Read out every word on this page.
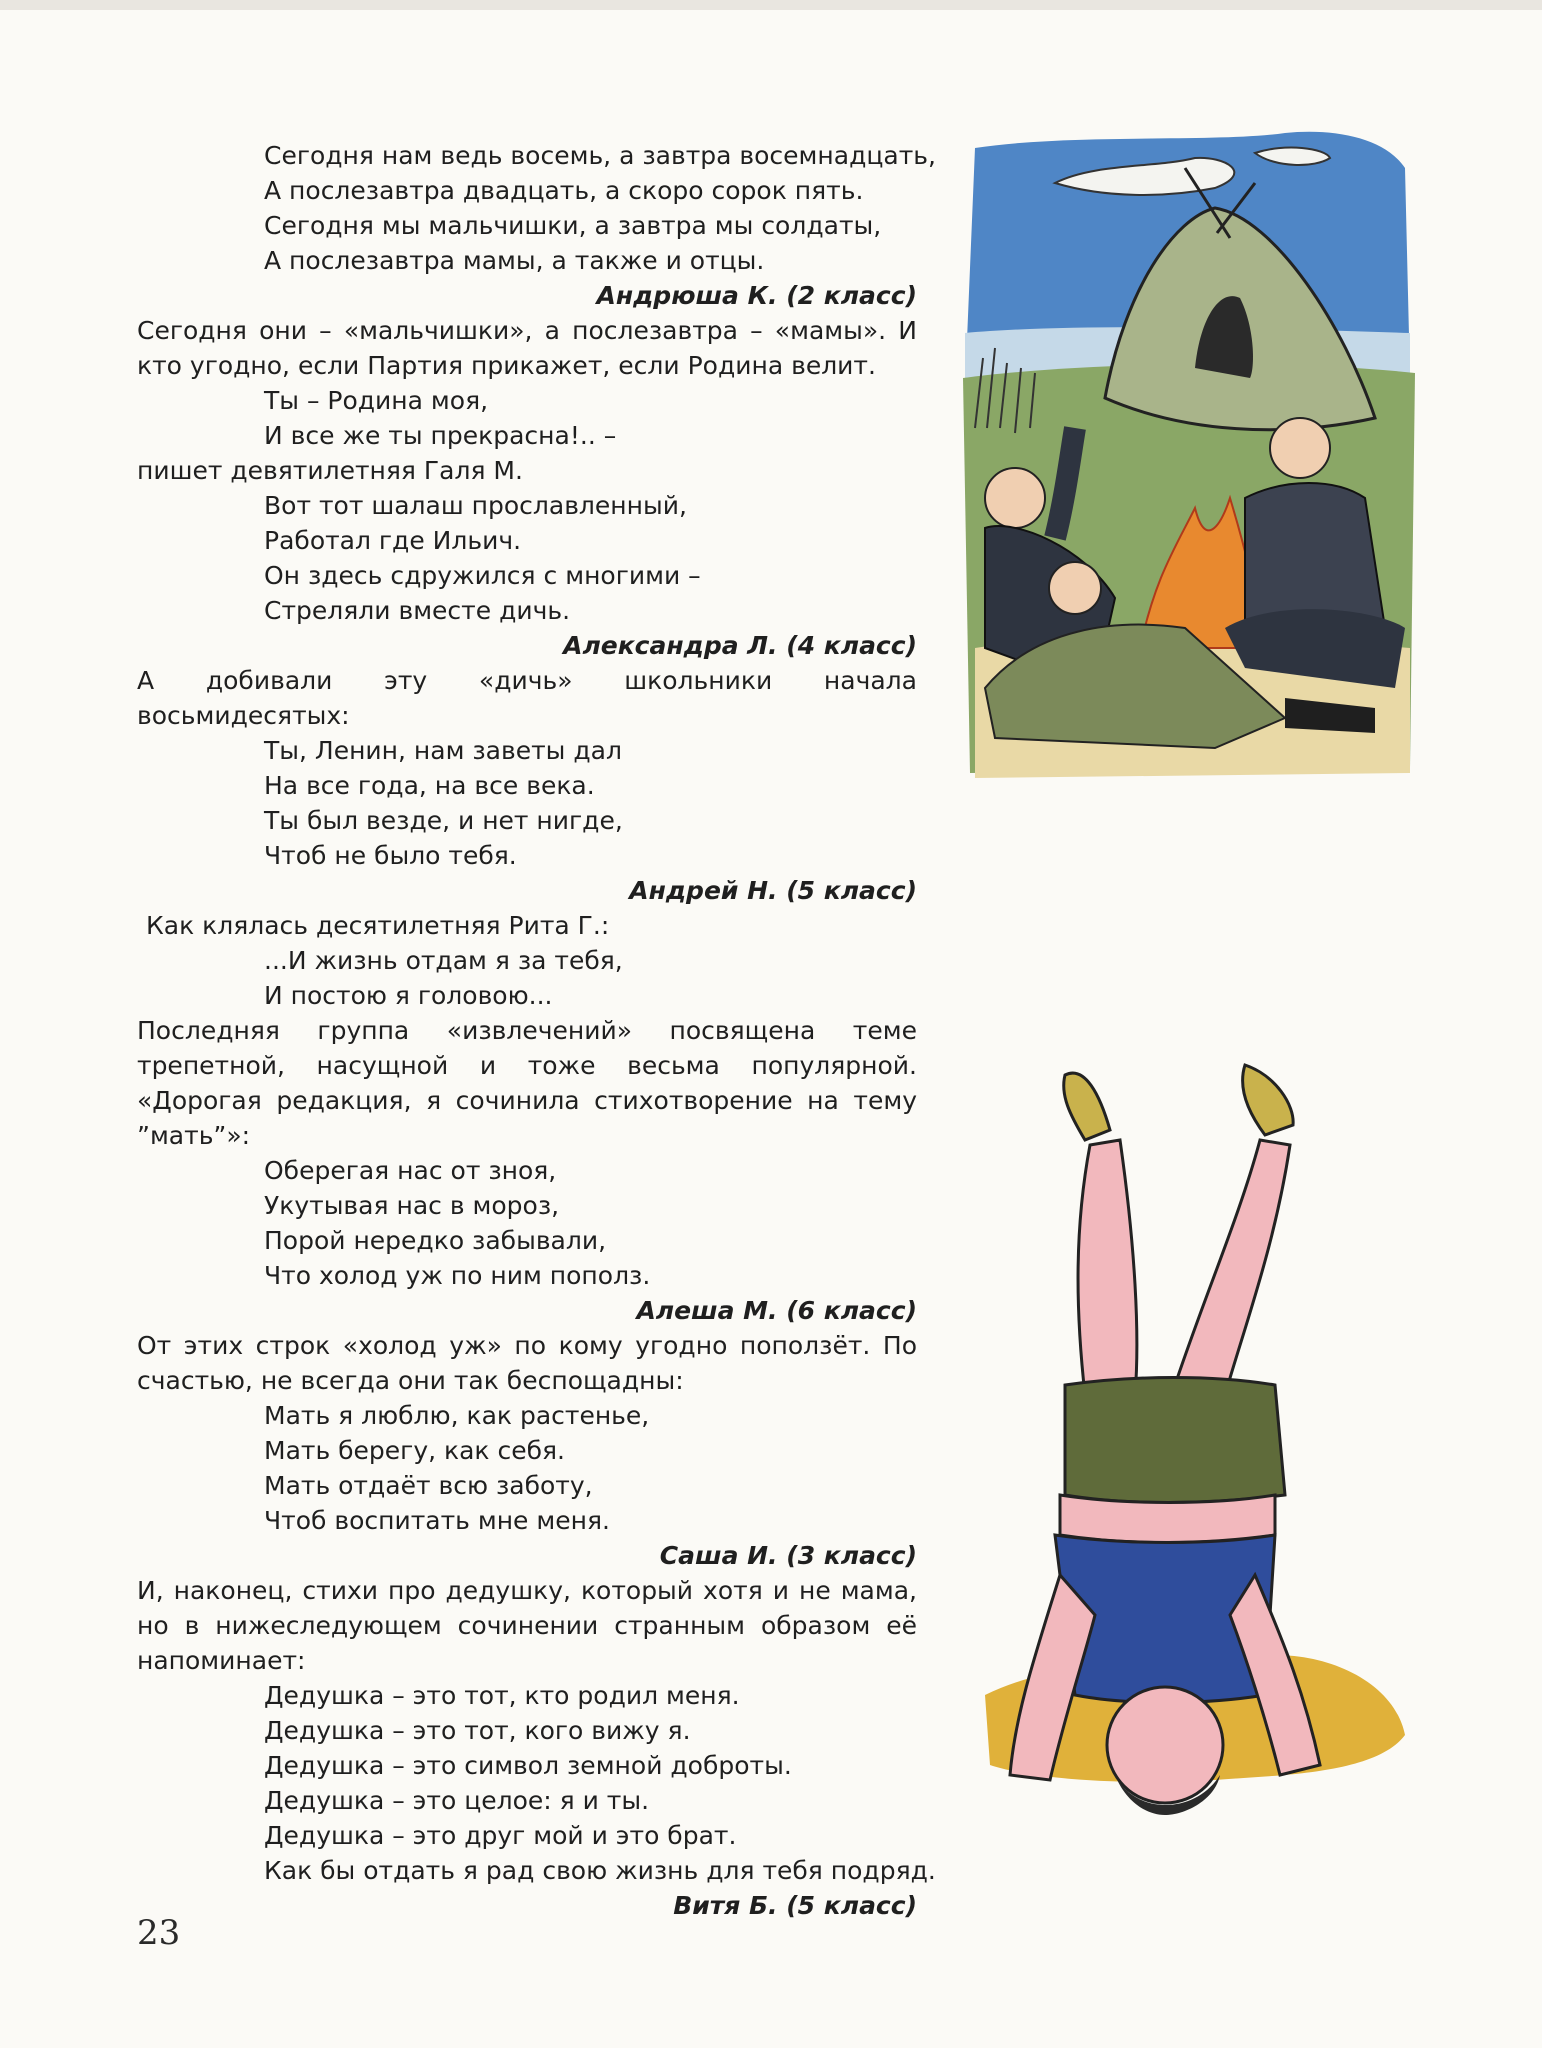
Сегодня нам ведь восемь, а завтра восемнадцать,
А послезавтра двадцать, а скоро сорок пять.
Сегодня мы мальчишки, а завтра мы солдаты,
А послезавтра мамы, а также и отцы.
Андрюша К. (2 класс)
Сегодня они – «мальчишки», а послезавтра – «мамы». И кто угодно, если Партия прикажет, если Родина велит.
Ты – Родина моя,
И все же ты прекрасна!.. –
пишет девятилетняя Галя М.
Вот тот шалаш прославленный,
Работал где Ильич.
Он здесь сдружился с многими –
Стреляли вместе дичь.
Александра Л. (4 класс)
А добивали эту «дичь» школьники начала восьмидесятых:
Ты, Ленин, нам заветы дал
На все года, на все века.
Ты был везде, и нет нигде,
Чтоб не было тебя.
Андрей Н. (5 класс)
Как клялась десятилетняя Рита Г.:
...И жизнь отдам я за тебя,
И постою я головою...
Последняя группа «извлечений» посвящена теме трепетной, насущной и тоже весьма популярной. «Дорогая редакция, я сочинила стихотворение на тему ”мать”»:
Оберегая нас от зноя,
Укутывая нас в мороз,
Порой нередко забывали,
Что холод уж по ним пополз.
Алеша М. (6 класс)
От этих строк «холод уж» по кому угодно поползёт. По счастью, не всегда они так беспощадны:
Мать я люблю, как растенье,
Мать берегу, как себя.
Мать отдаёт всю заботу,
Чтоб воспитать мне меня.
Саша И. (3 класс)
И, наконец, стихи про дедушку, который хотя и не мама, но в нижеследующем сочинении странным образом её напоминает:
Дедушка – это тот, кто родил меня.
Дедушка – это тот, кого вижу я.
Дедушка – это символ земной доброты.
Дедушка – это целое: я и ты.
Дедушка – это друг мой и это брат.
Как бы отдать я рад свою жизнь для тебя подряд.
Витя Б. (5 класс)
23
